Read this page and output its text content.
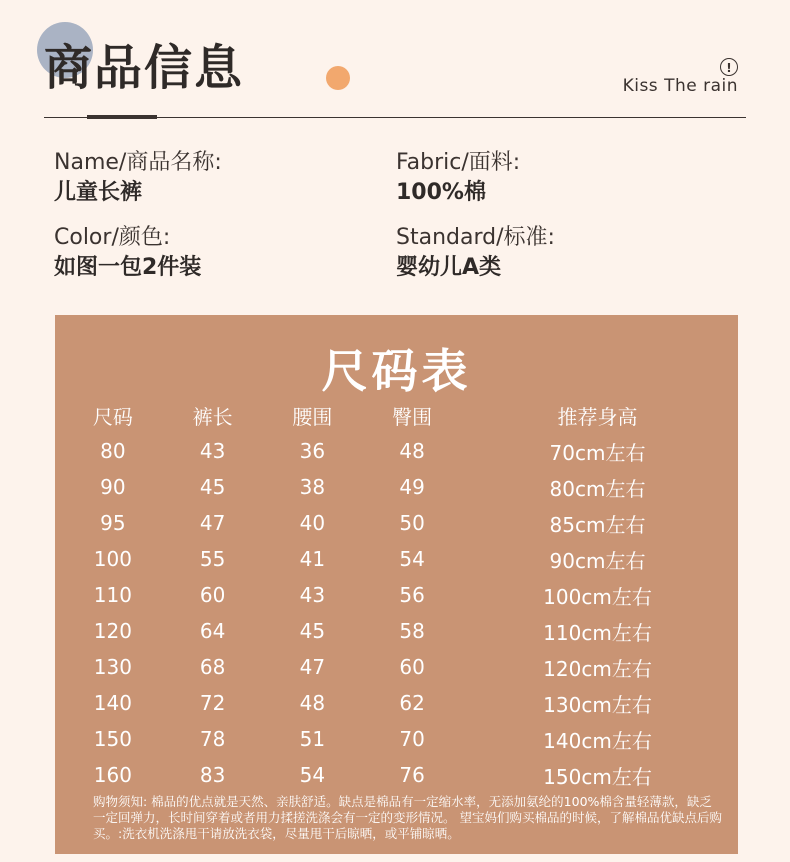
商品信息	!
Kiss The rain
Name/商品名称:
儿童长裤
Fabric/面料:
100%棉
Color/颜色:
如图一包2件装
Standard/标准:
婴幼儿A类
尺码表
尺码	裤长	腰围	臀围	推荐身高
80	43	36	48	70cm左右
90	45	38	49	80cm左右
95	47	40	50	85cm左右
100	55	41	54	90cm左右
110	60	43	56	100cm左右
120	64	45	58	110cm左右
130	68	47	60	120cm左右
140	72	48	62	130cm左右
150	78	51	70	140cm左右
160	83	54	76	150cm左右
购物须知: 棉品的优点就是天然、亲肤舒适。缺点是棉品有一定缩水率，无添加氨纶的100%棉含量轻薄款，缺乏一定回弹力，长时间穿着或者用力揉搓洗涤会有一定的变形情况。 望宝妈们购买棉品的时候，了解棉品优缺点后购买。:洗衣机洗涤甩干请放洗衣袋，尽量甩干后晾晒，或平铺晾晒。
